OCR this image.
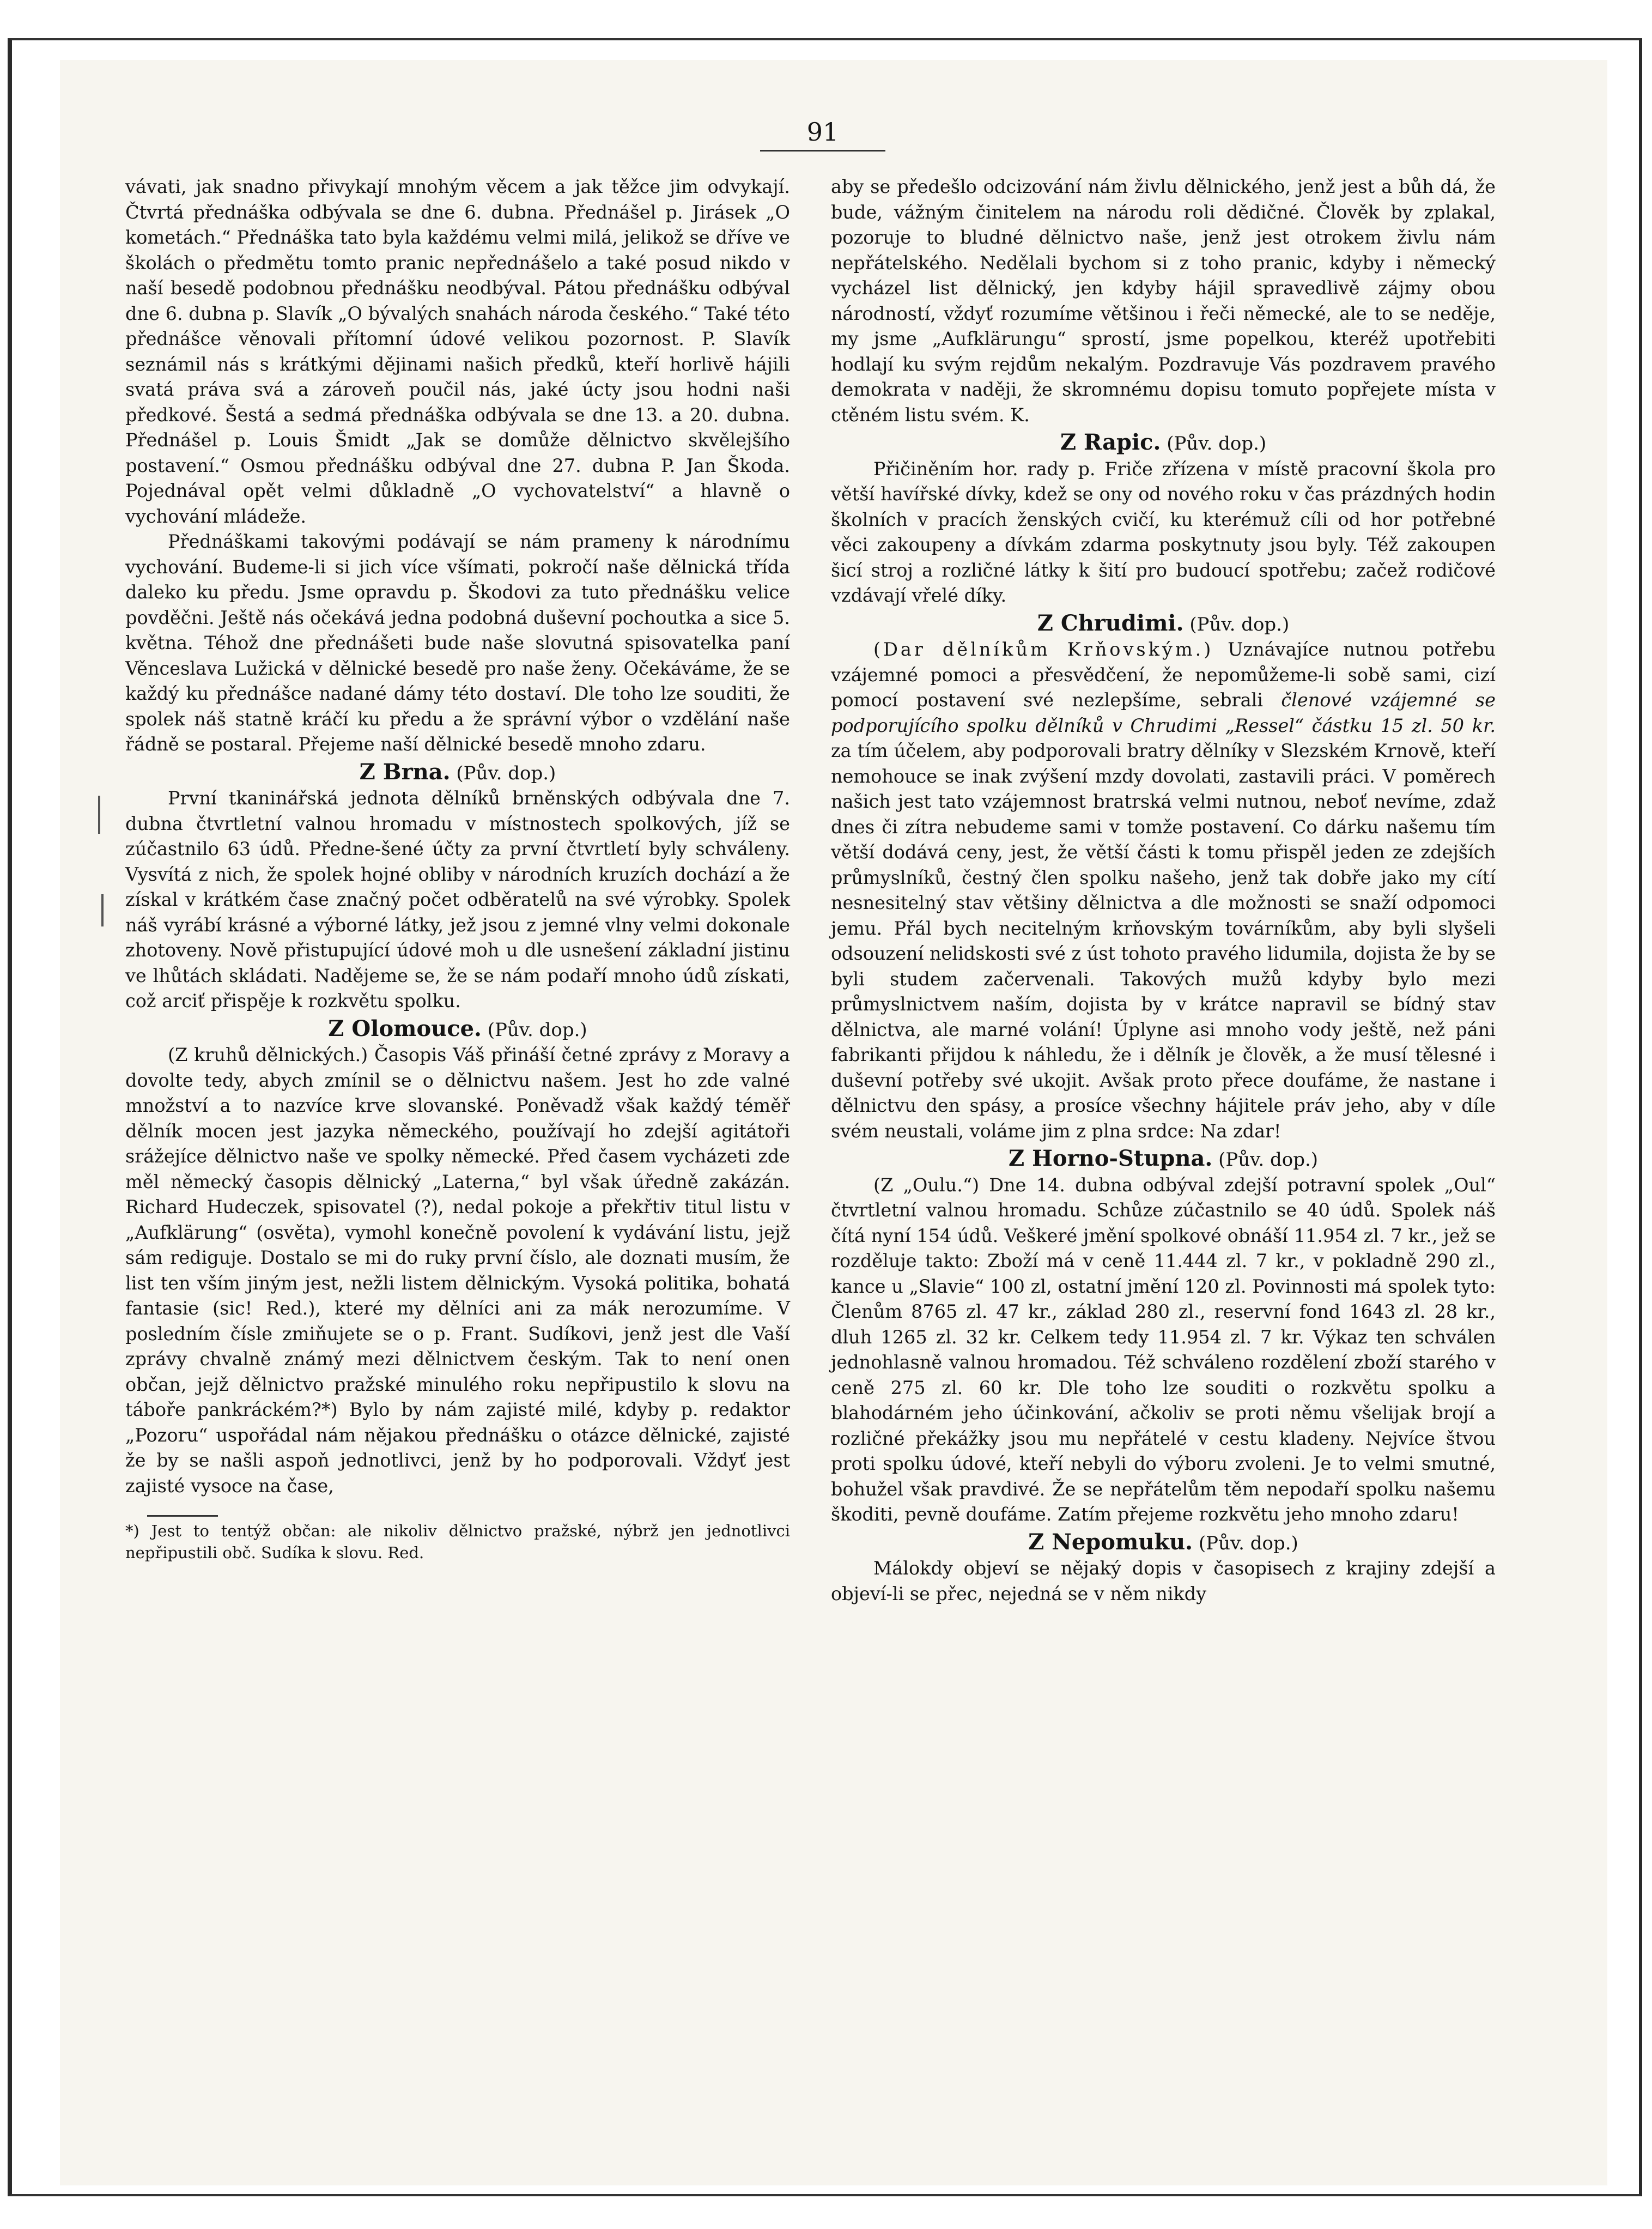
91

vávati, jak snadno přivykají mnohým věcem a jak těžce jim odvykají. Čtvrtá přednáška odbývala se dne 6. dubna. Přednášel p. Jirásek „O kometách.“ Přednáška tato byla každému velmi milá, jelikož se dříve ve školách o předmětu tomto pranic nepřednášelo a také posud nikdo v naší besedě podobnou přednášku neodbýval. Pátou přednášku odbýval dne 6. dubna p. Slavík „O bývalých snahách národa českého.“ Také této přednášce věnovali přítomní údové velikou pozornost. P. Slavík seznámil nás s krátkými dějinami našich předků, kteří horlivě hájili svatá práva svá a zároveň poučil nás, jaké úcty jsou hodni naši předkové. Šestá a sedmá přednáška odbývala se dne 13. a 20. dubna. Přednášel p. Louis Šmidt „Jak se domůže dělnictvo skvělejšího postavení.“ Osmou přednášku odbýval dne 27. dubna P. Jan Škoda. Pojednával opět velmi důkladně „O vychovatelství“ a hlavně o vychování mládeže.

Přednáškami takovými podávají se nám prameny k národnímu vychování. Budeme-li si jich více všímati, pokročí naše dělnická třída daleko ku předu. Jsme opravdu p. Škodovi za tuto přednášku velice povděčni. Ještě nás očekává jedna podobná duševní pochoutka a sice 5. května. Téhož dne přednášeti bude naše slovutná spisovatelka paní Věnceslava Lužická v dělnické besedě pro naše ženy. Očekáváme, že se každý ku přednášce nadané dámy této dostaví. Dle toho lze souditi, že spolek náš statně kráčí ku předu a že správní výbor o vzdělání naše řádně se postaral. Přejeme naší dělnické besedě mnoho zdaru.

Z Brna. (Pův. dop.)

První tkaninářská jednota dělníků brněnských odbývala dne 7. dubna čtvrtletní valnou hromadu v místnostech spolkových, jíž se zúčastnilo 63 údů. Předne-šené účty za první čtvrtletí byly schváleny. Vysvítá z nich, že spolek hojné obliby v národních kruzích dochází a že získal v krátkém čase značný počet odběratelů na své výrobky. Spolek náš vyrábí krásné a výborné látky, jež jsou z jemné vlny velmi dokonale zhotoveny. Nově přistupující údové moh u dle usnešení základní jistinu ve lhůtách skládati. Nadějeme se, že se nám podaří mnoho údů získati, což arciť přispěje k rozkvětu spolku.

Z Olomouce. (Pův. dop.)

(Z kruhů dělnických.) Časopis Váš přináší četné zprávy z Moravy a dovolte tedy, abych zmínil se o dělnictvu našem. Jest ho zde valné množství a to nazvíce krve slovanské. Poněvadž však každý téměř dělník mocen jest jazyka německého, používají ho zdejší agitátoři srážejíce dělnictvo naše ve spolky německé. Před časem vycházeti zde měl německý časopis dělnický „Laterna,“ byl však úředně zakázán. Richard Hudeczek, spisovatel (?), nedal pokoje a překřtiv titul listu v „Aufklärung“ (osvěta), vymohl konečně povolení k vydávání listu, jejž sám rediguje. Dostalo se mi do ruky první číslo, ale doznati musím, že list ten vším jiným jest, nežli listem dělnickým. Vysoká politika, bohatá fantasie (sic! Red.), které my dělníci ani za mák nerozumíme. V posledním čísle zmiňujete se o p. Frant. Sudíkovi, jenž jest dle Vaší zprávy chvalně známý mezi dělnictvem českým. Tak to není onen občan, jejž dělnictvo pražské minulého roku nepřipustilo k slovu na táboře pankráckém?*) Bylo by nám zajisté milé, kdyby p. redaktor „Pozoru“ uspořádal nám nějakou přednášku o otázce dělnické, zajisté že by se našli aspoň jednotlivci, jenž by ho podporovali. Vždyť jest zajisté vysoce na čase,

*) Jest to tentýž občan: ale nikoliv dělnictvo pražské, nýbrž jen jednotlivci nepřipustili obč. Sudíka k slovu. Red.

aby se předešlo odcizování nám živlu dělnického, jenž jest a bůh dá, že bude, vážným činitelem na národu roli dědičné. Člověk by zplakal, pozoruje to bludné dělnictvo naše, jenž jest otrokem živlu nám nepřátelského. Nedělali bychom si z toho pranic, kdyby i německý vycházel list dělnický, jen kdyby hájil spravedlivě zájmy obou národností, vždyť rozumíme většinou i řeči německé, ale to se neděje, my jsme „Aufklärungu“ sprostí, jsme popelkou, kteréž upotřebiti hodlají ku svým rejdům nekalým. Pozdravuje Vás pozdravem pravého demokrata v naději, že skromnému dopisu tomuto popřejete místa v ctěném listu svém. K.

Z Rapic. (Pův. dop.)

Přičiněním hor. rady p. Friče zřízena v místě pracovní škola pro větší havířské dívky, kdež se ony od nového roku v čas prázdných hodin školních v pracích ženských cvičí, ku kterémuž cíli od hor potřebné věci zakoupeny a dívkám zdarma poskytnuty jsou byly. Též zakoupen šicí stroj a rozličné látky k šití pro budoucí spotřebu; začež rodičové vzdávají vřelé díky.

Z Chrudimi. (Pův. dop.)

(Dar dělníkům Krňovským.) Uznávajíce nutnou potřebu vzájemné pomoci a přesvědčení, že nepomůžeme-li sobě sami, cizí pomocí postavení své nezlepšíme, sebrali členové vzájemné se podporujícího spolku dělníků v Chrudimi „Ressel“ částku 15 zl. 50 kr. za tím účelem, aby podporovali bratry dělníky v Slezském Krnově, kteří nemohouce se inak zvýšení mzdy dovolati, zastavili práci. V poměrech našich jest tato vzájemnost bratrská velmi nutnou, neboť nevíme, zdaž dnes či zítra nebudeme sami v tomže postavení. Co dárku našemu tím větší dodává ceny, jest, že větší části k tomu přispěl jeden ze zdejších průmyslníků, čestný člen spolku našeho, jenž tak dobře jako my cítí nesnesitelný stav většiny dělnictva a dle možnosti se snaží odpomoci jemu. Přál bych necitelným krňovským továrníkům, aby byli slyšeli odsouzení nelidskosti své z úst tohoto pravého lidumila, dojista že by se byli studem začervenali. Takových mužů kdyby bylo mezi průmyslnictvem naším, dojista by v krátce napravil se bídný stav dělnictva, ale marné volání! Úplyne asi mnoho vody ještě, než páni fabrikanti přijdou k náhledu, že i dělník je člověk, a že musí tělesné i duševní potřeby své ukojit. Avšak proto přece doufáme, že nastane i dělnictvu den spásy, a prosíce všechny hájitele práv jeho, aby v díle svém neustali, voláme jim z plna srdce: Na zdar!

Z Horno-Stupna. (Pův. dop.)

(Z „Oulu.“) Dne 14. dubna odbýval zdejší potravní spolek „Oul“ čtvrtletní valnou hromadu. Schůze zúčastnilo se 40 údů. Spolek náš čítá nyní 154 údů. Veškeré jmění spolkové obnáší 11.954 zl. 7 kr., jež se rozděluje takto: Zboží má v ceně 11.444 zl. 7 kr., v pokladně 290 zl., kance u „Slavie“ 100 zl, ostatní jmění 120 zl. Povinnosti má spolek tyto: Členům 8765 zl. 47 kr., základ 280 zl., reservní fond 1643 zl. 28 kr., dluh 1265 zl. 32 kr. Celkem tedy 11.954 zl. 7 kr. Výkaz ten schválen jednohlasně valnou hromadou. Též schváleno rozdělení zboží starého v ceně 275 zl. 60 kr. Dle toho lze souditi o rozkvětu spolku a blahodárném jeho účinkování, ačkoliv se proti němu všelijak brojí a rozličné překážky jsou mu nepřátelé v cestu kladeny. Nejvíce štvou proti spolku údové, kteří nebyli do výboru zvoleni. Je to velmi smutné, bohužel však pravdivé. Že se nepřátelům těm nepodaří spolku našemu škoditi, pevně doufáme. Zatím přejeme rozkvětu jeho mnoho zdaru!

Z Nepomuku. (Pův. dop.)

Málokdy objeví se nějaký dopis v časopisech z krajiny zdejší a objeví-li se přec, nejedná se v něm nikdy
